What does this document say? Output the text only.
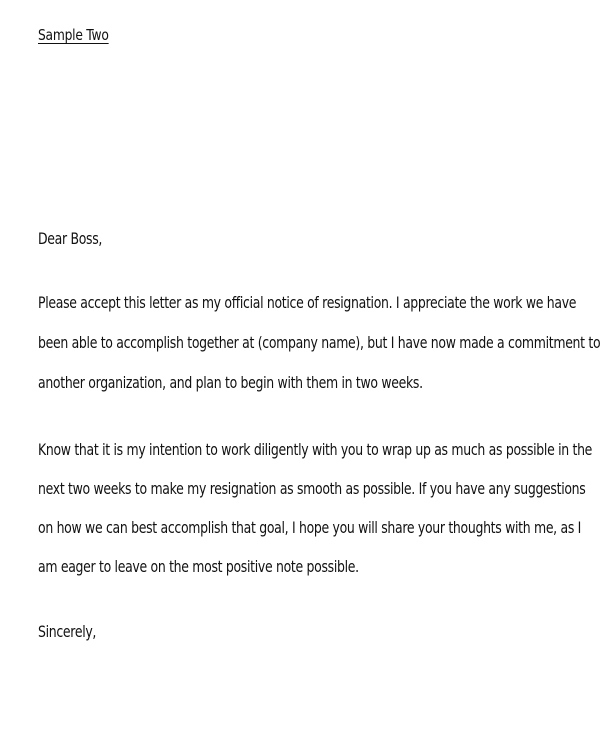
Sample Two
Dear Boss,
Please accept this letter as my official notice of resignation. I appreciate the work we have
been able to accomplish together at (company name), but I have now made a commitment to
another organization, and plan to begin with them in two weeks.
Know that it is my intention to work diligently with you to wrap up as much as possible in the
next two weeks to make my resignation as smooth as possible. If you have any suggestions
on how we can best accomplish that goal, I hope you will share your thoughts with me, as I
am eager to leave on the most positive note possible.
Sincerely,
